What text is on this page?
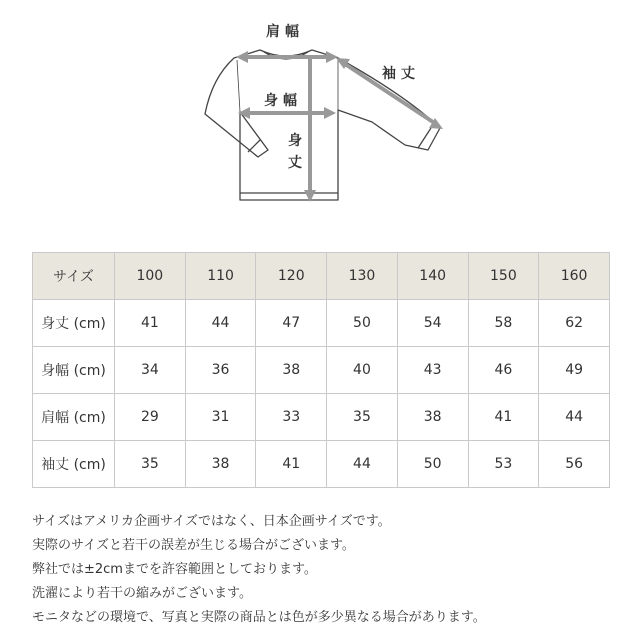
肩幅
袖丈
身幅
身
丈
サイズ	100	110	120	130	140	150	160
身丈 (cm)	41	44	47	50	54	58	62
身幅 (cm)	34	36	38	40	43	46	49
肩幅 (cm)	29	31	33	35	38	41	44
袖丈 (cm)	35	38	41	44	50	53	56
サイズはアメリカ企画サイズではなく、日本企画サイズです。
実際のサイズと若干の誤差が生じる場合がございます。
弊社では±2cmまでを許容範囲としております。
洗濯により若干の縮みがございます。
モニタなどの環境で、写真と実際の商品とは色が多少異なる場合があります。
